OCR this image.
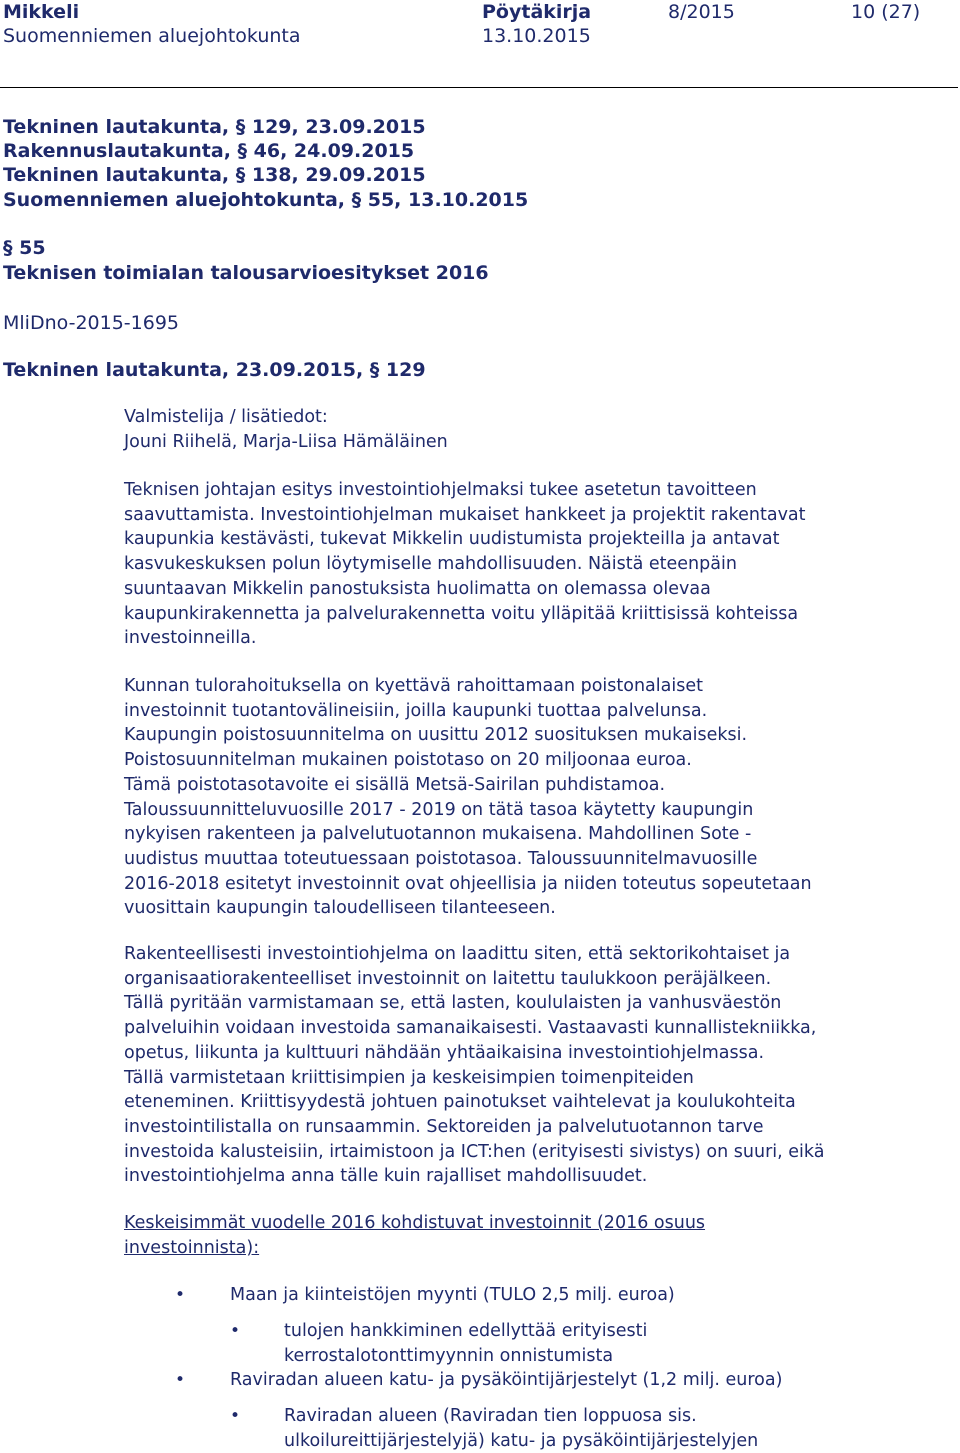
Mikkeli
Suomenniemen aluejohtokunta
Pöytäkirja
13.10.2015
8/2015	10 (27)
Tekninen lautakunta, § 129, 23.09.2015
Rakennuslautakunta, § 46, 24.09.2015
Tekninen lautakunta, § 138, 29.09.2015
Suomenniemen aluejohtokunta, § 55, 13.10.2015
§ 55
Teknisen toimialan talousarvioesitykset 2016
MliDno-2015-1695
Tekninen lautakunta, 23.09.2015, § 129
Valmistelija / lisätiedot:
Jouni Riihelä, Marja-Liisa Hämäläinen
Teknisen johtajan esitys investointiohjelmaksi tukee asetetun tavoitteen
saavuttamista. Investointiohjelman mukaiset hankkeet ja projektit rakentavat
kaupunkia kestävästi, tukevat Mikkelin uudistumista projekteilla ja antavat
kasvukeskuksen polun löytymiselle mahdollisuuden. Näistä eteenpäin
suuntaavan Mikkelin panostuksista huolimatta on olemassa olevaa
kaupunkirakennetta ja palvelurakennetta voitu ylläpitää kriittisissä kohteissa
investoinneilla.
Kunnan tulorahoituksella on kyettävä rahoittamaan poistonalaiset
investoinnit tuotantovälineisiin, joilla kaupunki tuottaa palvelunsa.
Kaupungin poistosuunnitelma on uusittu 2012 suosituksen mukaiseksi.
Poistosuunnitelman mukainen poistotaso on 20 miljoonaa euroa.
Tämä poistotasotavoite ei sisällä Metsä-Sairilan puhdistamoa.
Taloussuunnitteluvuosille 2017 - 2019 on tätä tasoa käytetty kaupungin
nykyisen rakenteen ja palvelutuotannon mukaisena. Mahdollinen Sote -
uudistus muuttaa toteutuessaan poistotasoa. Taloussuunnitelmavuosille
2016-2018 esitetyt investoinnit ovat ohjeellisia ja niiden toteutus sopeutetaan
vuosittain kaupungin taloudelliseen tilanteeseen.
Rakenteellisesti investointiohjelma on laadittu siten, että sektorikohtaiset ja
organisaatiorakenteelliset investoinnit on laitettu taulukkoon peräjälkeen.
Tällä pyritään varmistamaan se, että lasten, koululaisten ja vanhusväestön
palveluihin voidaan investoida samanaikaisesti. Vastaavasti kunnallistekniikka,
opetus, liikunta ja kulttuuri nähdään yhtäaikaisina investointiohjelmassa.
Tällä varmistetaan kriittisimpien ja keskeisimpien toimenpiteiden
eteneminen. Kriittisyydestä johtuen painotukset vaihtelevat ja koulukohteita
investointilistalla on runsaammin. Sektoreiden ja palvelutuotannon tarve
investoida kalusteisiin, irtaimistoon ja ICT:hen (erityisesti sivistys) on suuri, eikä
investointiohjelma anna tälle kuin rajalliset mahdollisuudet.
Keskeisimmät vuodelle 2016 kohdistuvat investoinnit (2016 osuus
investoinnista):
•	Maan ja kiinteistöjen myynti (TULO 2,5 milj. euroa)
•	tulojen hankkiminen edellyttää erityisesti
kerrostalotonttimyynnin onnistumista
•	Raviradan alueen katu- ja pysäköintijärjestelyt (1,2 milj. euroa)
•	Raviradan alueen (Raviradan tien loppuosa sis.
ulkoilureittijärjestelyjä) katu- ja pysäköintijärjestelyjen
